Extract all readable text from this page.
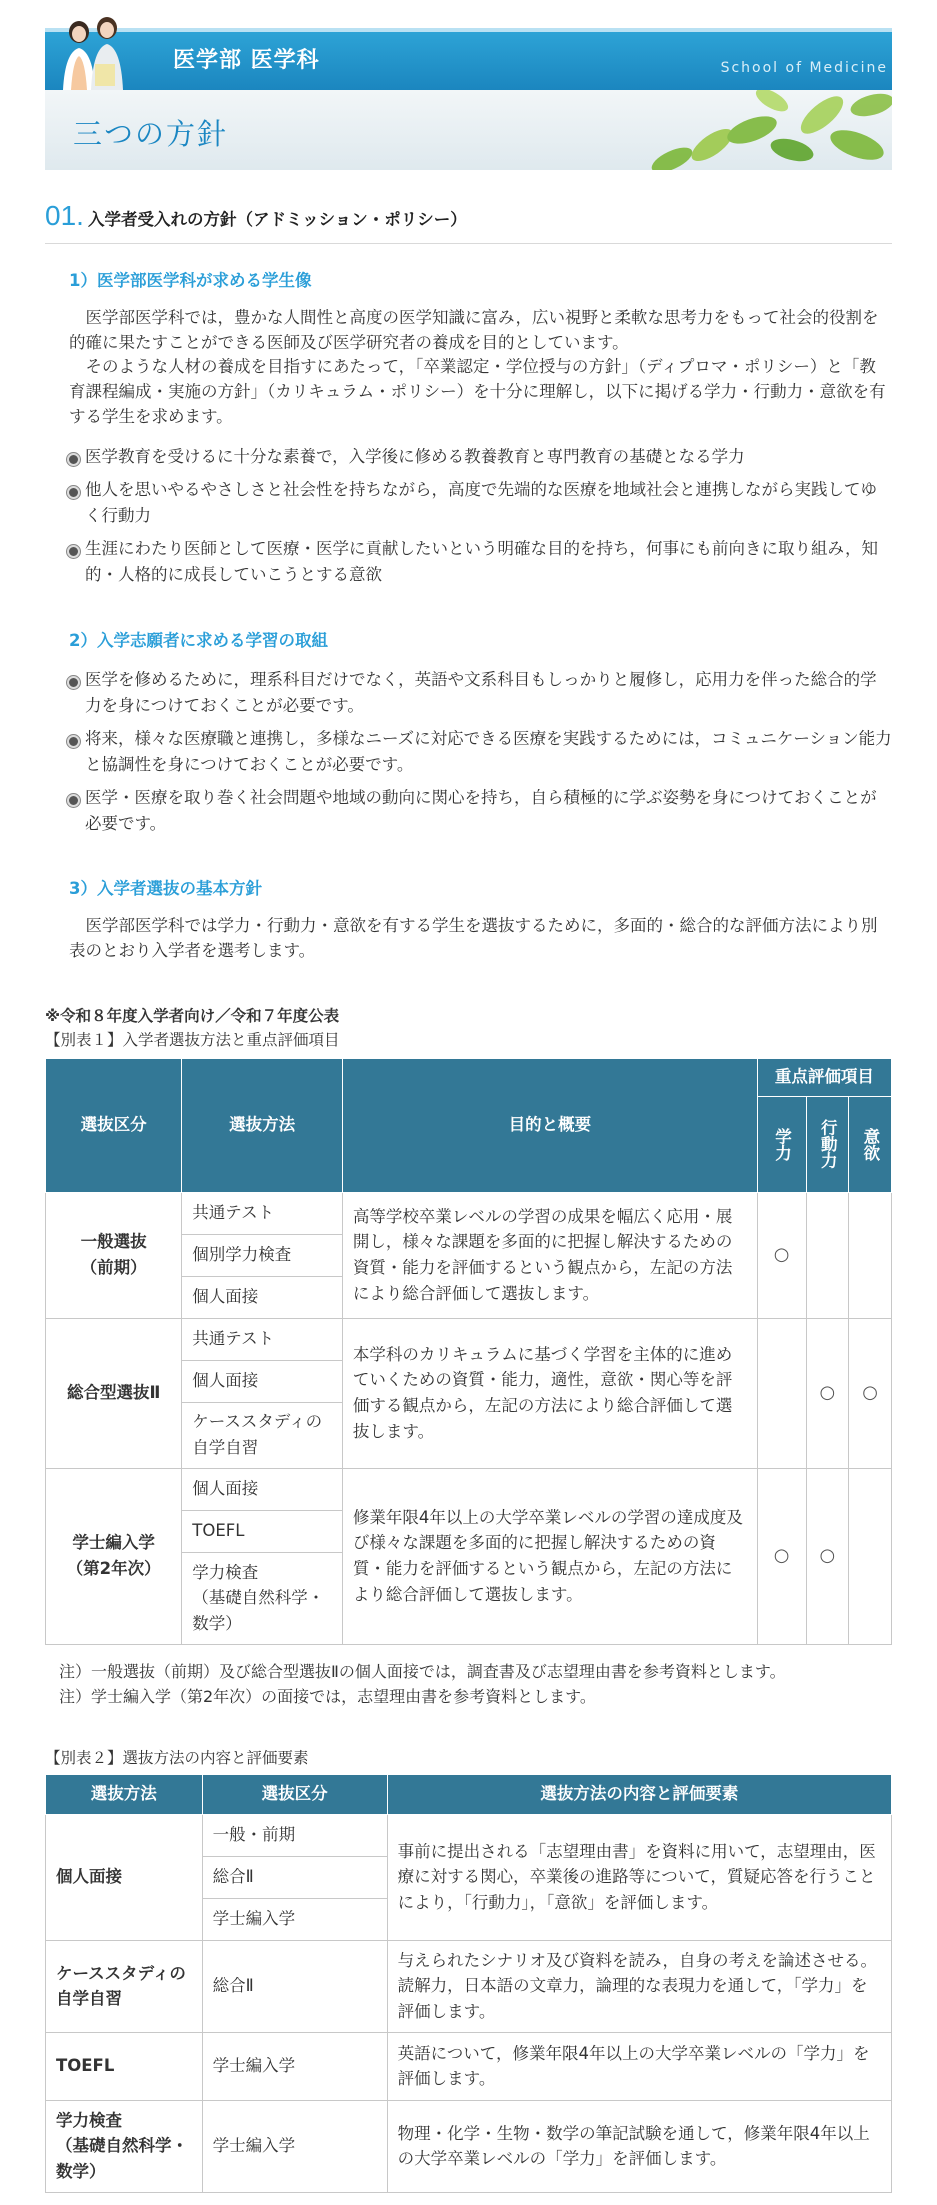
医学部 医学科	School of Medicine
三つの方針
01. 入学者受入れの方針（アドミッション・ポリシー）
1）医学部医学科が求める学生像

医学部医学科では，豊かな人間性と高度の医学知識に富み，広い視野と柔軟な思考力をもって社会的役割を的確に果たすことができる医師及び医学研究者の養成を目的としています。

そのような人材の養成を目指すにあたって，「卒業認定・学位授与の方針」（ディプロマ・ポリシー）と「教育課程編成・実施の方針」（カリキュラム・ポリシー）を十分に理解し，以下に掲げる学力・行動力・意欲を有する学生を求めます。

医学教育を受けるに十分な素養で，入学後に修める教養教育と専門教育の基礎となる学力
他人を思いやるやさしさと社会性を持ちながら，高度で先端的な医療を地域社会と連携しながら実践してゆく行動力
生涯にわたり医師として医療・医学に貢献したいという明確な目的を持ち，何事にも前向きに取り組み，知的・人格的に成長していこうとする意欲
2）入学志願者に求める学習の取組
医学を修めるために，理系科目だけでなく，英語や文系科目もしっかりと履修し，応用力を伴った総合的学力を身につけておくことが必要です。
将来，様々な医療職と連携し，多様なニーズに対応できる医療を実践するためには，コミュニケーション能力と協調性を身につけておくことが必要です。
医学・医療を取り巻く社会問題や地域の動向に関心を持ち，自ら積極的に学ぶ姿勢を身につけておくことが必要です。
3）入学者選抜の基本方針

医学部医学科では学力・行動力・意欲を有する学生を選抜するために，多面的・総合的な評価方法により別表のとおり入学者を選考します。

※令和８年度入学者向け／令和７年度公表
【別表１】入学者選抜方法と重点評価項目
選抜区分	選抜方法	目的と概要	重点評価項目		
			学力	行動力	意欲
一般選抜
（前期）	共通テスト	高等学校卒業レベルの学習の成果を幅広く応用・展開し，様々な課題を多面的に把握し解決するための資質・能力を評価するという観点から，左記の方法により総合評価して選抜します。	○		
	個別学力検査				
	個人面接				
総合型選抜Ⅱ	共通テスト	本学科のカリキュラムに基づく学習を主体的に進めていくための資質・能力，適性，意欲・関心等を評価する観点から，左記の方法により総合評価して選抜します。		○	○
	個人面接				
	ケーススタディの自学自習				
学士編入学
（第2年次）	個人面接	修業年限4年以上の大学卒業レベルの学習の達成度及び様々な課題を多面的に把握し解決するための資質・能力を評価するという観点から，左記の方法により総合評価して選抜します。	○	○	
	TOEFL				
	学力検査
（基礎自然科学・数学）				
注）一般選抜（前期）及び総合型選抜Ⅱの個人面接では，調査書及び志望理由書を参考資料とします。
注）学士編入学（第2年次）の面接では，志望理由書を参考資料とします。
【別表２】選抜方法の内容と評価要素
選抜方法	選抜区分	選抜方法の内容と評価要素
個人面接	一般・前期	事前に提出される「志望理由書」を資料に用いて，志望理由，医療に対する関心，卒業後の進路等について，質疑応答を行うことにより，「行動力」，「意欲」を評価します。
	総合Ⅱ	
	学士編入学	
ケーススタディの自学自習	総合Ⅱ	与えられたシナリオ及び資料を読み，自身の考えを論述させる。読解力，日本語の文章力，論理的な表現力を通して，「学力」を評価します。
TOEFL	学士編入学	英語について，修業年限4年以上の大学卒業レベルの「学力」を評価します。
学力検査
（基礎自然科学・数学）	学士編入学	物理・化学・生物・数学の筆記試験を通して，修業年限4年以上の大学卒業レベルの「学力」を評価します。
